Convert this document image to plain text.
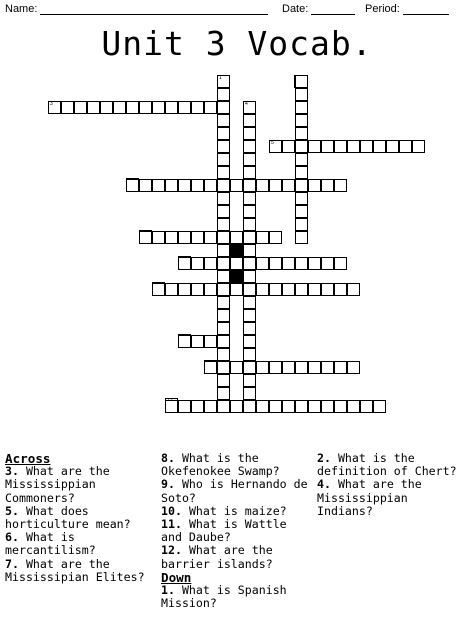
Name:	Date:	Period:
Unit 3 Vocab.
1
3	4
5
Across
3. What are the Mississippian Commoners?
5. What does horticulture mean?
6. What is mercantilism?
7. What are the Mississipian Elites?
8. What is the Okefenokee Swamp?
9. Who is Hernando de Soto?
10. What is maize?
11. What is Wattle and Daube?
12. What are the barrier islands?
Down
1. What is Spanish Mission?
2. What is the definition of Chert?
4. What are the Mississippian Indians?
